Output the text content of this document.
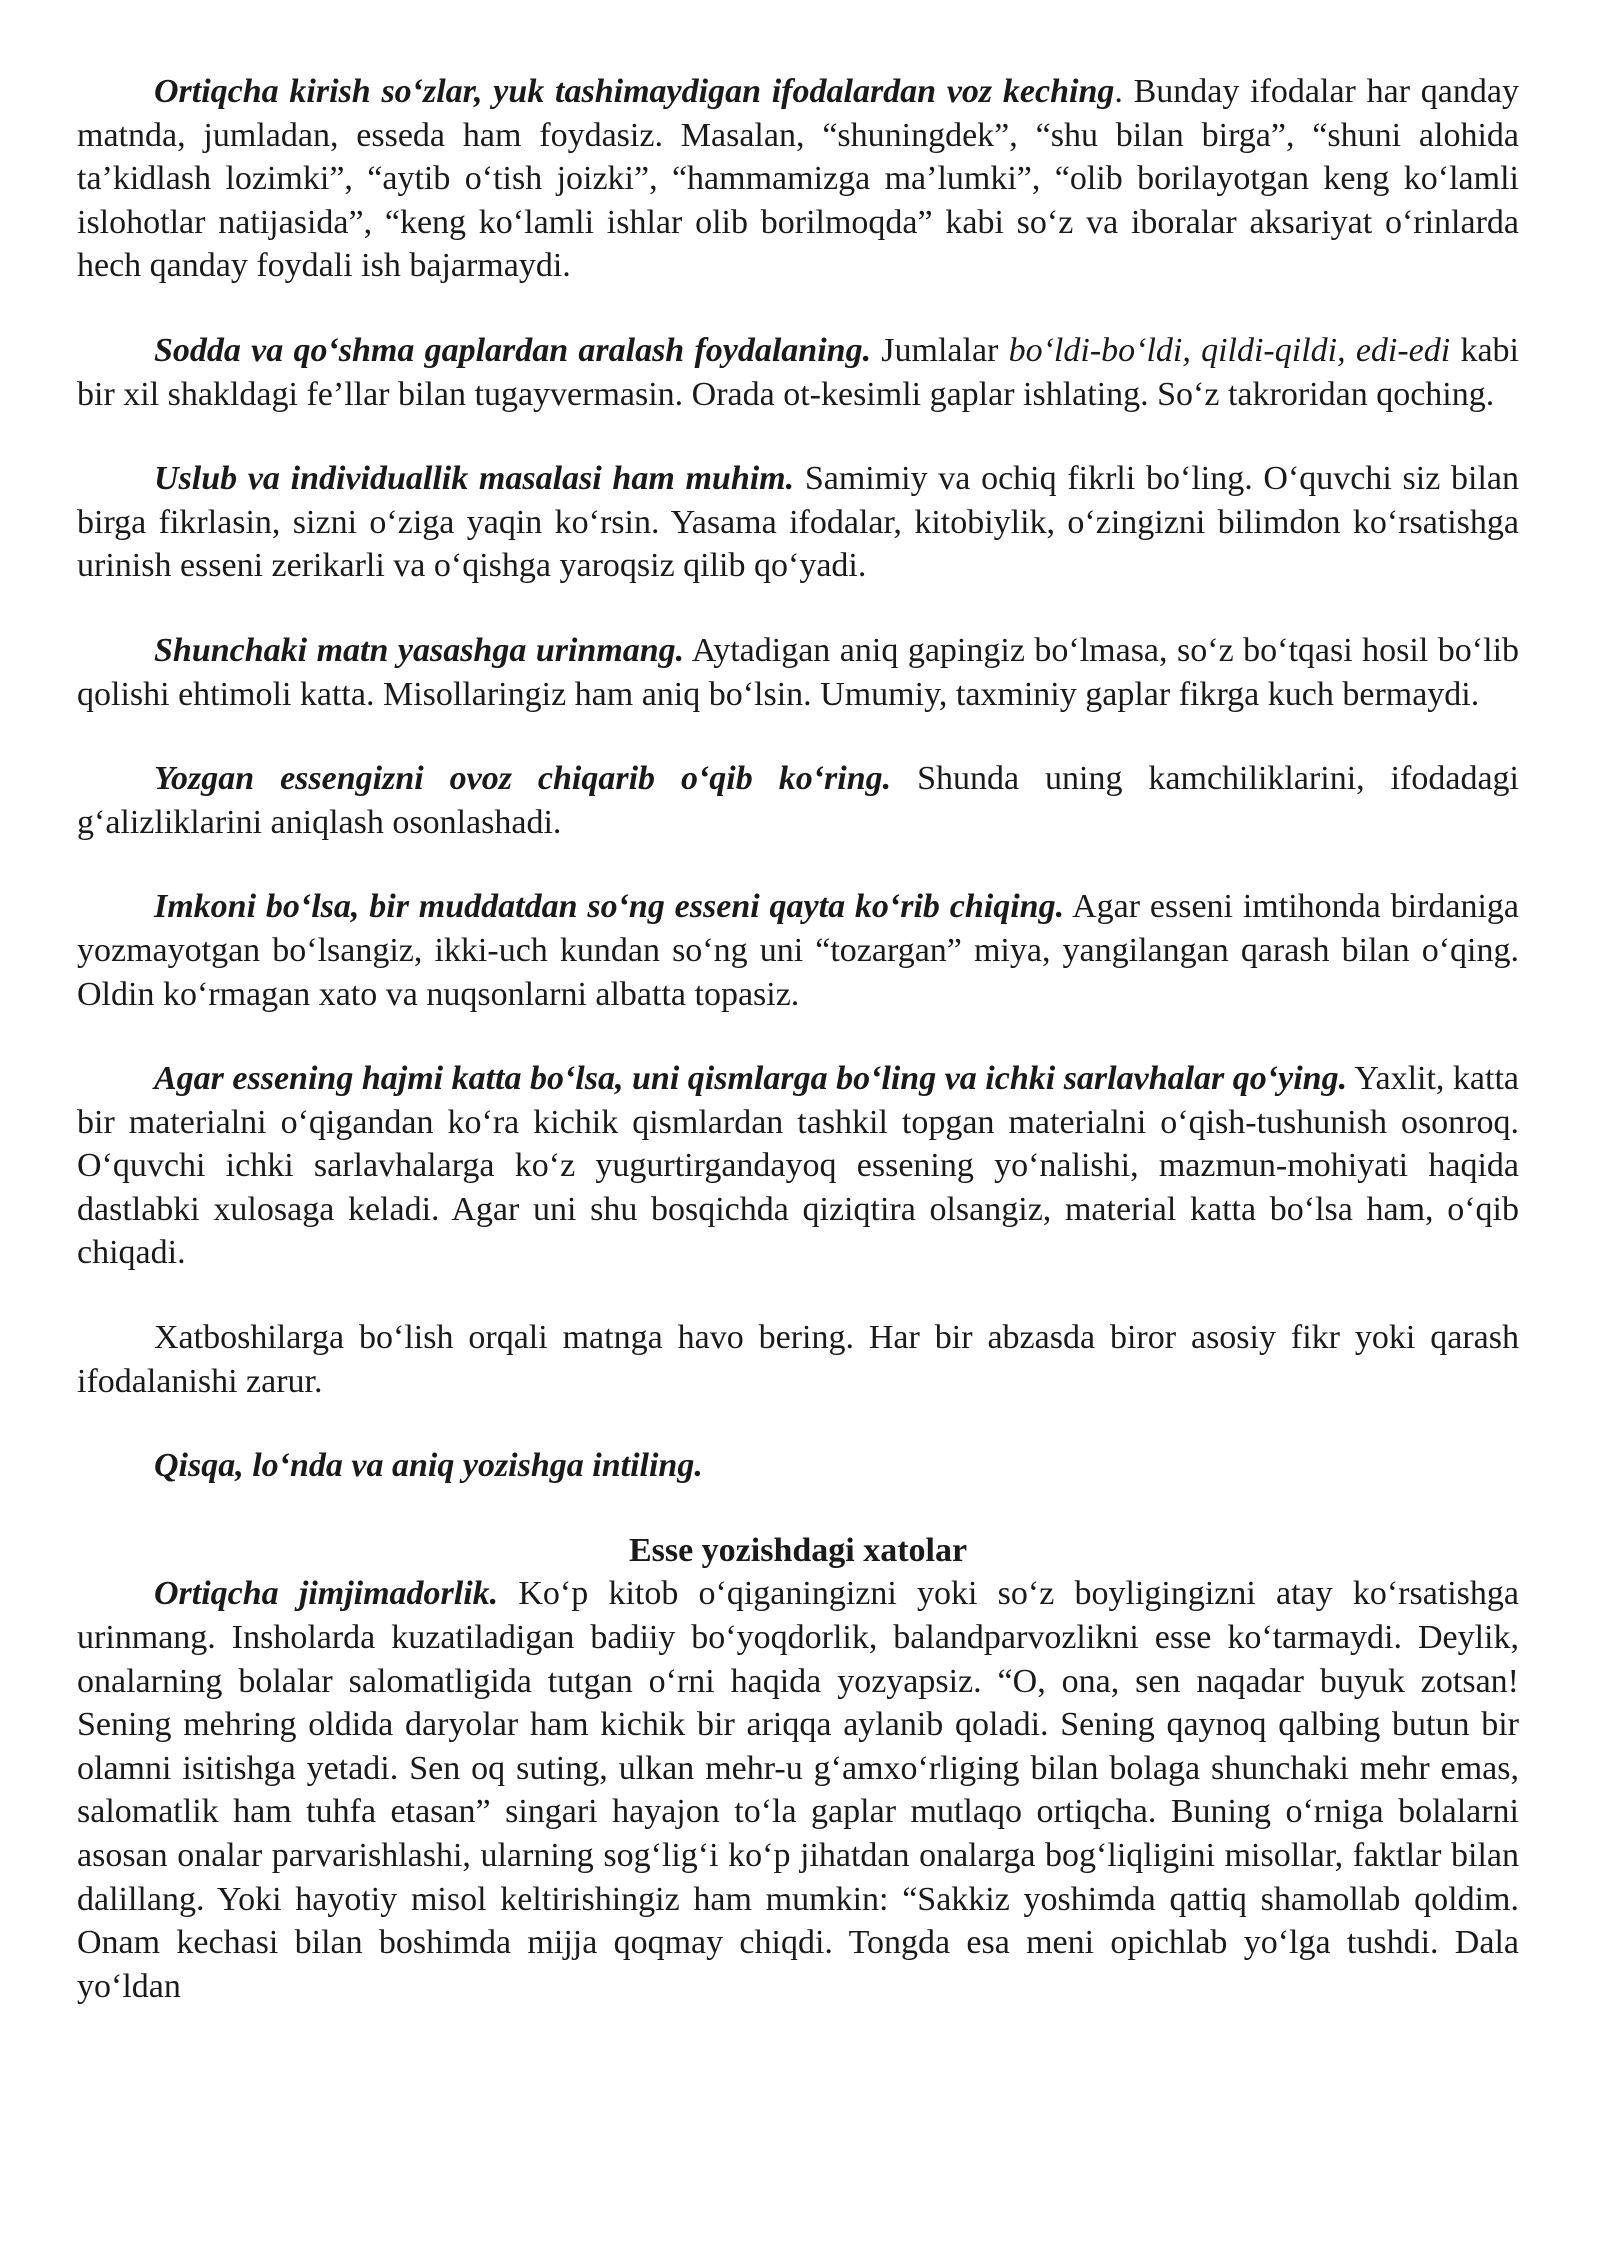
Ortiqcha kirish so‘zlar, yuk tashimaydigan ifodalardan voz keching. Bunday ifodalar har qanday matnda, jumladan, esseda ham foydasiz. Masalan, “shuningdek”, “shu bilan birga”, “shuni alohida ta’kidlash lozimki”, “aytib o‘tish joizki”, “hammamizga ma’lumki”, “olib borilayotgan keng ko‘lamli islohotlar natijasida”, “keng ko‘lamli ishlar olib borilmoqda” kabi so‘z va iboralar aksariyat o‘rinlarda hech qanday foydali ish bajarmaydi.

Sodda va qo‘shma gaplardan aralash foydalaning. Jumlalar bo‘ldi-bo‘ldi, qildi-qildi, edi-edi kabi bir xil shakldagi fe’llar bilan tugayvermasin. Orada ot-kesimli gaplar ishlating. So‘z takroridan qoching.

Uslub va individuallik masalasi ham muhim. Samimiy va ochiq fikrli bo‘ling. O‘quvchi siz bilan birga fikrlasin, sizni o‘ziga yaqin ko‘rsin. Yasama ifodalar, kitobiylik, o‘zingizni bilimdon ko‘rsatishga urinish esseni zerikarli va o‘qishga yaroqsiz qilib qo‘yadi.

Shunchaki matn yasashga urinmang. Aytadigan aniq gapingiz bo‘lmasa, so‘z bo‘tqasi hosil bo‘lib qolishi ehtimoli katta. Misollaringiz ham aniq bo‘lsin. Umumiy, taxminiy gaplar fikrga kuch bermaydi.

Yozgan essengizni ovoz chiqarib o‘qib ko‘ring. Shunda uning kamchiliklarini, ifodadagi g‘alizliklarini aniqlash osonlashadi.

Imkoni bo‘lsa, bir muddatdan so‘ng esseni qayta ko‘rib chiqing. Agar esseni imtihonda birdaniga yozmayotgan bo‘lsangiz, ikki-uch kundan so‘ng uni “tozargan” miya, yangilangan qarash bilan o‘qing. Oldin ko‘rmagan xato va nuqsonlarni albatta topasiz.

Agar essening hajmi katta bo‘lsa, uni qismlarga bo‘ling va ichki sarlavhalar qo‘ying. Yaxlit, katta bir materialni o‘qigandan ko‘ra kichik qismlardan tashkil topgan materialni o‘qish-tushunish osonroq. O‘quvchi ichki sarlavhalarga ko‘z yugurtirgandayoq essening yo‘nalishi, mazmun-mohiyati haqida dastlabki xulosaga keladi. Agar uni shu bosqichda qiziqtira olsangiz, material katta bo‘lsa ham, o‘qib chiqadi.

Xatboshilarga bo‘lish orqali matnga havo bering. Har bir abzasda biror asosiy fikr yoki qarash ifodalanishi zarur.

Qisqa, lo‘nda va aniq yozishga intiling.

Esse yozishdagi xatolar

Ortiqcha jimjimadorlik. Ko‘p kitob o‘qiganingizni yoki so‘z boyligingizni atay ko‘rsatishga urinmang. Insholarda kuzatiladigan badiiy bo‘yoqdorlik, balandparvozlikni esse ko‘tarmaydi. Deylik, onalarning bolalar salomatligida tutgan o‘rni haqida yozyapsiz. “O, ona, sen naqadar buyuk zotsan! Sening mehring oldida daryolar ham kichik bir ariqqa aylanib qoladi. Sening qaynoq qalbing butun bir olamni isitishga yetadi. Sen oq suting, ulkan mehr-u g‘amxo‘rliging bilan bolaga shunchaki mehr emas, salomatlik ham tuhfa etasan” singari hayajon to‘la gaplar mutlaqo ortiqcha. Buning o‘rniga bolalarni asosan onalar parvarishlashi, ularning sog‘lig‘i ko‘p jihatdan onalarga bog‘liqligini misollar, faktlar bilan dalillang. Yoki hayotiy misol keltirishingiz ham mumkin: “Sakkiz yoshimda qattiq shamollab qoldim. Onam kechasi bilan boshimda mijja qoqmay chiqdi. Tongda esa meni opichlab yo‘lga tushdi. Dala yo‘ldan
